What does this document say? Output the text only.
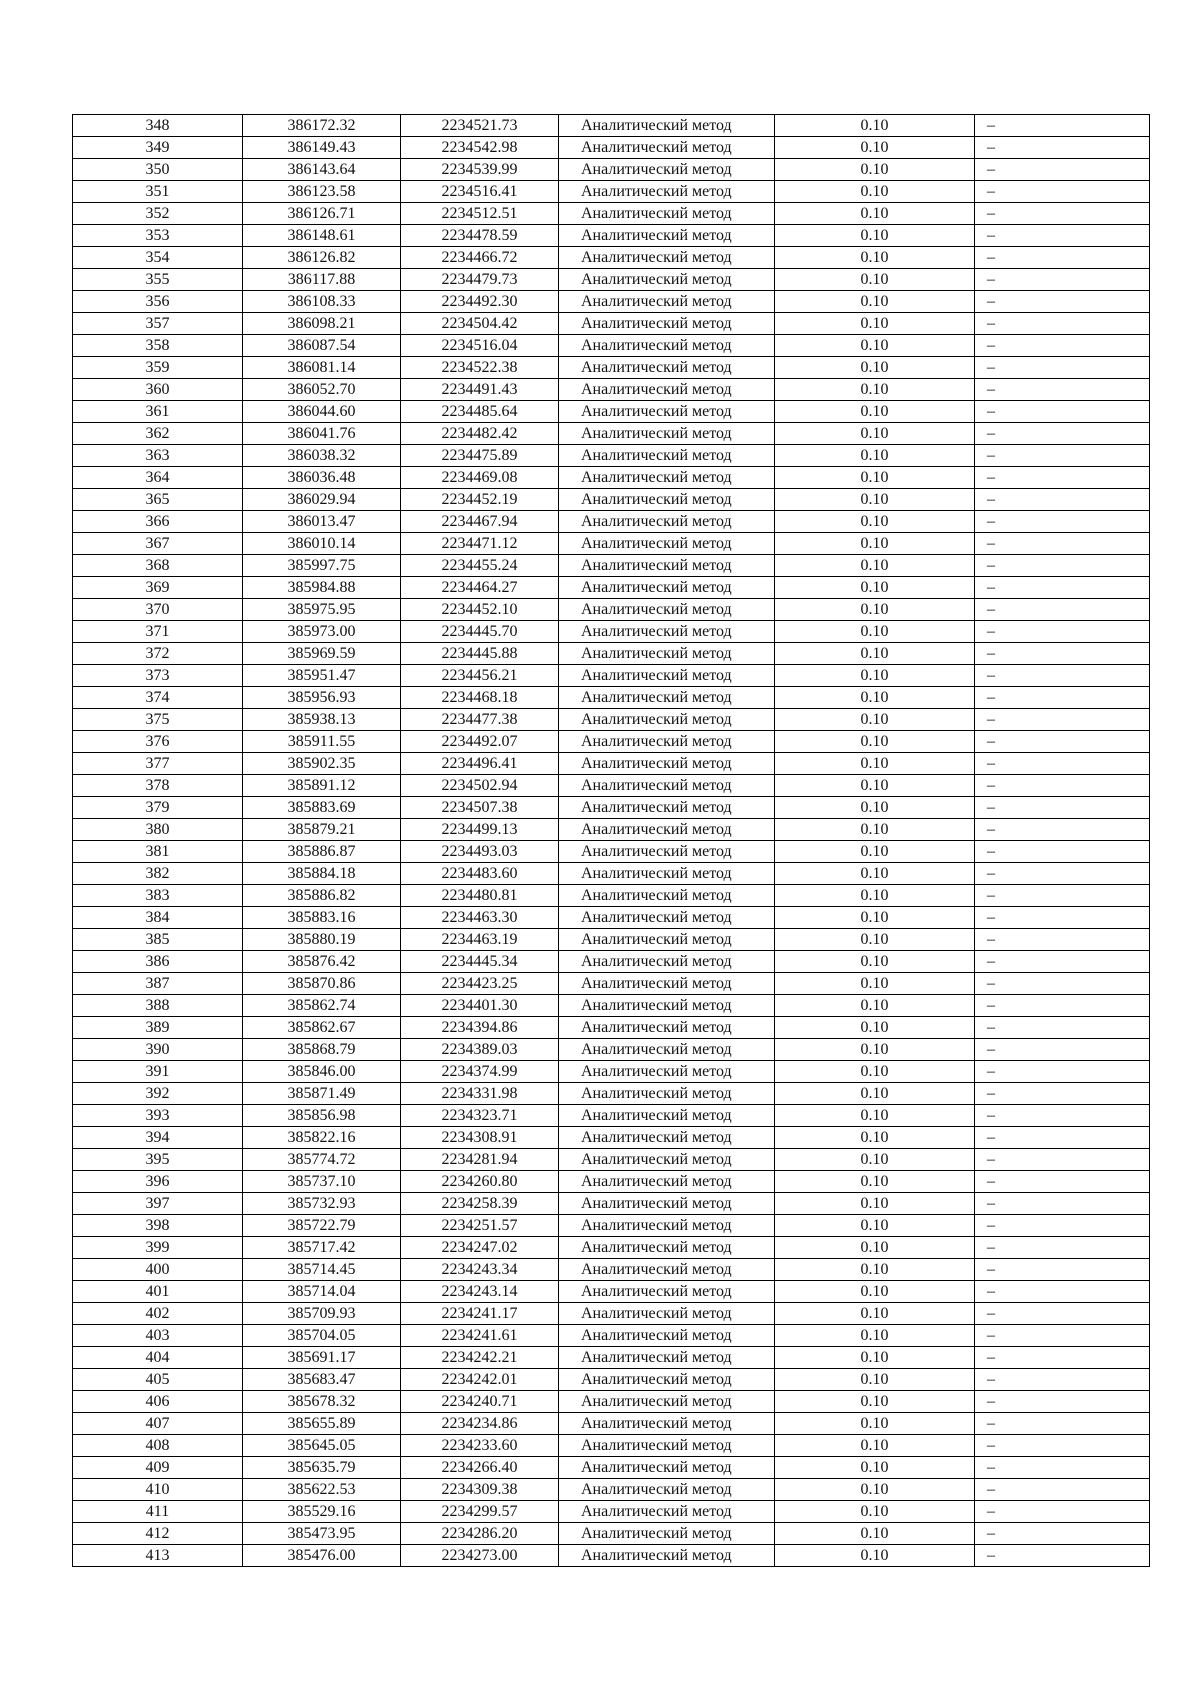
348	386172.32	2234521.73	Аналитический метод	0.10	–
349	386149.43	2234542.98	Аналитический метод	0.10	–
350	386143.64	2234539.99	Аналитический метод	0.10	–
351	386123.58	2234516.41	Аналитический метод	0.10	–
352	386126.71	2234512.51	Аналитический метод	0.10	–
353	386148.61	2234478.59	Аналитический метод	0.10	–
354	386126.82	2234466.72	Аналитический метод	0.10	–
355	386117.88	2234479.73	Аналитический метод	0.10	–
356	386108.33	2234492.30	Аналитический метод	0.10	–
357	386098.21	2234504.42	Аналитический метод	0.10	–
358	386087.54	2234516.04	Аналитический метод	0.10	–
359	386081.14	2234522.38	Аналитический метод	0.10	–
360	386052.70	2234491.43	Аналитический метод	0.10	–
361	386044.60	2234485.64	Аналитический метод	0.10	–
362	386041.76	2234482.42	Аналитический метод	0.10	–
363	386038.32	2234475.89	Аналитический метод	0.10	–
364	386036.48	2234469.08	Аналитический метод	0.10	–
365	386029.94	2234452.19	Аналитический метод	0.10	–
366	386013.47	2234467.94	Аналитический метод	0.10	–
367	386010.14	2234471.12	Аналитический метод	0.10	–
368	385997.75	2234455.24	Аналитический метод	0.10	–
369	385984.88	2234464.27	Аналитический метод	0.10	–
370	385975.95	2234452.10	Аналитический метод	0.10	–
371	385973.00	2234445.70	Аналитический метод	0.10	–
372	385969.59	2234445.88	Аналитический метод	0.10	–
373	385951.47	2234456.21	Аналитический метод	0.10	–
374	385956.93	2234468.18	Аналитический метод	0.10	–
375	385938.13	2234477.38	Аналитический метод	0.10	–
376	385911.55	2234492.07	Аналитический метод	0.10	–
377	385902.35	2234496.41	Аналитический метод	0.10	–
378	385891.12	2234502.94	Аналитический метод	0.10	–
379	385883.69	2234507.38	Аналитический метод	0.10	–
380	385879.21	2234499.13	Аналитический метод	0.10	–
381	385886.87	2234493.03	Аналитический метод	0.10	–
382	385884.18	2234483.60	Аналитический метод	0.10	–
383	385886.82	2234480.81	Аналитический метод	0.10	–
384	385883.16	2234463.30	Аналитический метод	0.10	–
385	385880.19	2234463.19	Аналитический метод	0.10	–
386	385876.42	2234445.34	Аналитический метод	0.10	–
387	385870.86	2234423.25	Аналитический метод	0.10	–
388	385862.74	2234401.30	Аналитический метод	0.10	–
389	385862.67	2234394.86	Аналитический метод	0.10	–
390	385868.79	2234389.03	Аналитический метод	0.10	–
391	385846.00	2234374.99	Аналитический метод	0.10	–
392	385871.49	2234331.98	Аналитический метод	0.10	–
393	385856.98	2234323.71	Аналитический метод	0.10	–
394	385822.16	2234308.91	Аналитический метод	0.10	–
395	385774.72	2234281.94	Аналитический метод	0.10	–
396	385737.10	2234260.80	Аналитический метод	0.10	–
397	385732.93	2234258.39	Аналитический метод	0.10	–
398	385722.79	2234251.57	Аналитический метод	0.10	–
399	385717.42	2234247.02	Аналитический метод	0.10	–
400	385714.45	2234243.34	Аналитический метод	0.10	–
401	385714.04	2234243.14	Аналитический метод	0.10	–
402	385709.93	2234241.17	Аналитический метод	0.10	–
403	385704.05	2234241.61	Аналитический метод	0.10	–
404	385691.17	2234242.21	Аналитический метод	0.10	–
405	385683.47	2234242.01	Аналитический метод	0.10	–
406	385678.32	2234240.71	Аналитический метод	0.10	–
407	385655.89	2234234.86	Аналитический метод	0.10	–
408	385645.05	2234233.60	Аналитический метод	0.10	–
409	385635.79	2234266.40	Аналитический метод	0.10	–
410	385622.53	2234309.38	Аналитический метод	0.10	–
411	385529.16	2234299.57	Аналитический метод	0.10	–
412	385473.95	2234286.20	Аналитический метод	0.10	–
413	385476.00	2234273.00	Аналитический метод	0.10	–
